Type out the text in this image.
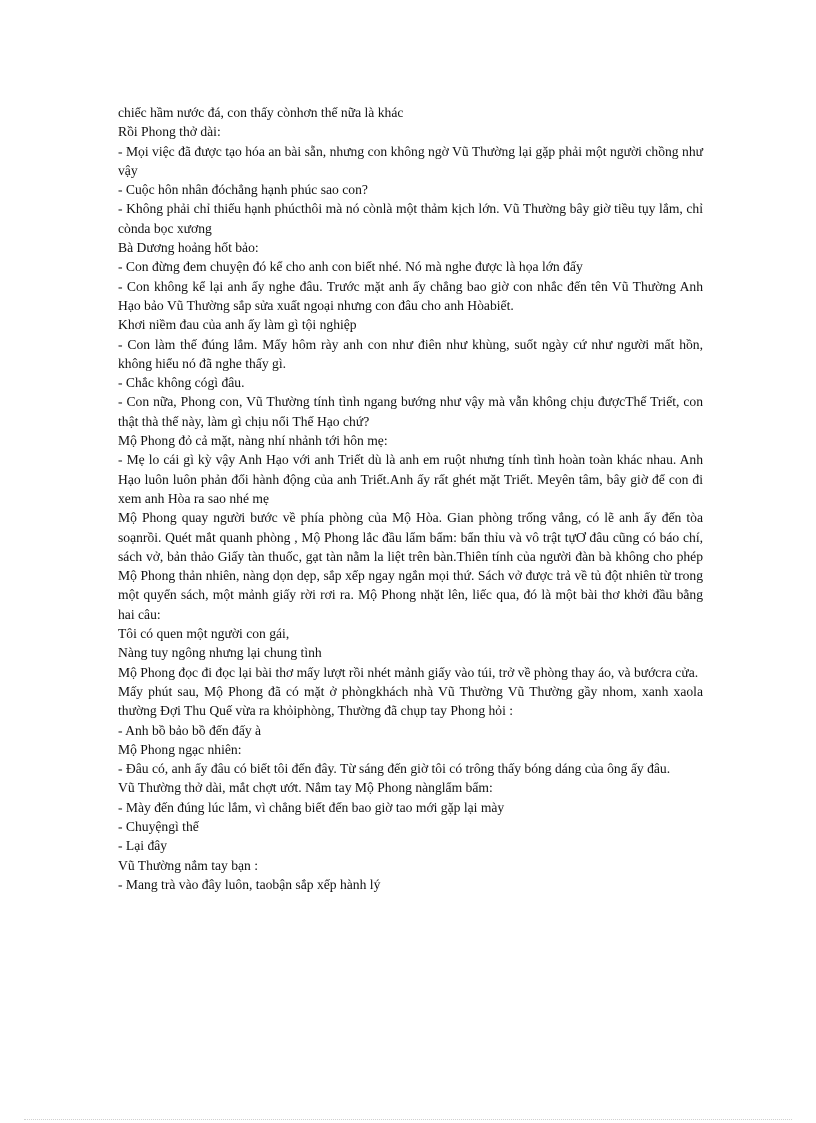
chiếc hầm nước đá, con thấy cònhơn thế nữa là khác

Rồi Phong thở dài:

- Mọi việc đã được tạo hóa an bài sẵn, nhưng con không ngờ Vũ Thường lại gặp phải một người chồng như vậy

- Cuộc hôn nhân đóchẳng hạnh phúc sao con?

- Không phải chỉ thiếu hạnh phúcthôi mà nó cònlà một thảm kịch lớn. Vũ Thường bây giờ tiều tụy lắm, chỉ cònda bọc xương

Bà Dương hoảng hốt bảo:

- Con đừng đem chuyện đó kể cho anh con biết nhé. Nó mà nghe được là họa lớn đấy

- Con không kể lại anh ấy nghe đâu. Trước mặt anh ấy chẳng bao giờ con nhắc đến tên Vũ Thường Anh Hạo bảo Vũ Thường sắp sửa xuất ngoại nhưng con đâu cho anh Hòabiết.

Khơi niềm đau của anh ấy làm gì tội nghiệp

- Con làm thế đúng lắm. Mấy hôm rày anh con như điên như khùng, suốt ngày cứ như người mất hồn, không hiểu nó đã nghe thấy gì.

- Chắc không cógì đâu.

- Con nữa, Phong con, Vũ Thường tính tình ngang bướng như vậy mà vẫn không chịu đượcThế Triết, con thật thà thế này, làm gì chịu nổi Thế Hạo chứ?

Mộ Phong đỏ cả mặt, nàng nhí nhảnh tới hôn mẹ:

- Mẹ lo cái gì kỳ vậy Anh Hạo với anh Triết dù là anh em ruột nhưng tính tình hoàn toàn khác nhau. Anh Hạo luôn luôn phản đối hành động của anh Triết.Anh ấy rất ghét mặt Triết. Meyên tâm, bây giờ để con đi xem anh Hòa ra sao nhé mẹ

Mộ Phong quay người bước về phía phòng của Mộ Hòa. Gian phòng trống vắng, có lẽ anh ấy đến tòa soạnrồi. Quét mắt quanh phòng , Mộ Phong lắc đầu lẩm bẩm: bẩn thỉu và vô trật tựƠ đâu cũng có báo chí, sách vở, bản thảo Giấy tàn thuốc, gạt tàn nằm la liệt trên bàn.Thiên tính của người đàn bà không cho phép Mộ Phong thản nhiên, nàng dọn dẹp, sắp xếp ngay ngắn mọi thứ. Sách vở được trả về tủ đột nhiên từ trong một quyển sách, một mảnh giấy rời rơi ra. Mộ Phong nhặt lên, liếc qua, đó là một bài thơ khởi đầu bằng hai câu:

Tôi có quen một người con gái,

Nàng tuy ngông nhưng lại chung tình

Mộ Phong đọc đi đọc lại bài thơ mấy lượt rồi nhét mảnh giấy vào túi, trở về phòng thay áo, và bướcra cửa.

Mấy phút sau, Mộ Phong đã có mặt ở phòngkhách nhà Vũ Thường Vũ Thường gầy nhom, xanh xaola thường Đợi Thu Quế vừa ra khỏiphòng, Thường đã chụp tay Phong hỏi :

- Anh bồ bảo bồ đến đấy à

Mộ Phong ngạc nhiên:

- Đâu có, anh ấy đâu có biết tôi đến đây. Từ sáng đến giờ tôi có trông thấy bóng dáng của ông ấy đâu.

Vũ Thường thở dài, mắt chợt ướt. Nắm tay Mộ Phong nànglẩm bẩm:

- Mày đến đúng lúc lắm, vì chẳng biết đến bao giờ tao mới gặp lại mày

- Chuyệngì thế

- Lại đây

Vũ Thường nắm tay bạn :

- Mang trà vào đây luôn, taobận sắp xếp hành lý
